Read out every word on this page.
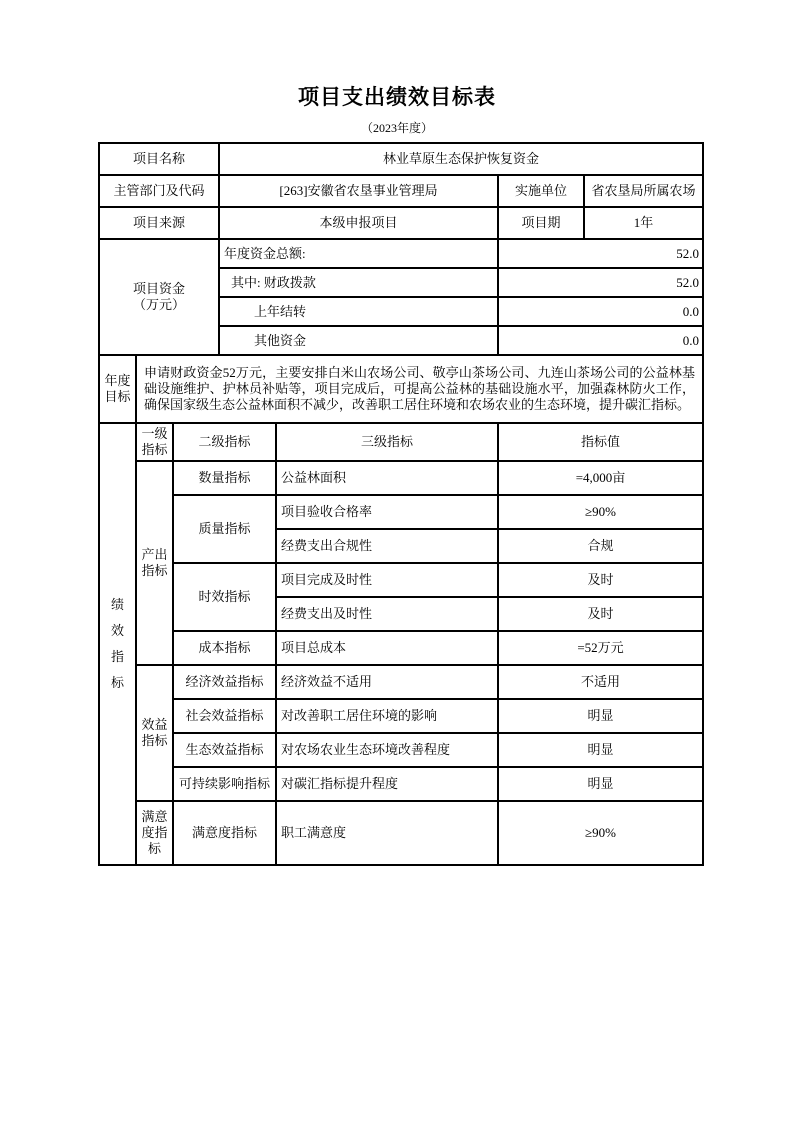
项目支出绩效目标表
（2023年度）
项目名称			林业草原生态保护恢复资金			
主管部门及代码			[263]安徽省农垦事业管理局		实施单位	省农垦局所属农场
项目来源			本级申报项目		项目期	1年

项目资金
（万元）			年度资金总额:		52.0	
			其中: 财政拨款		52.0	
			上年结转		0.0	
			其他资金		0.0	
年度目标	申请财政资金52万元，主要安排白米山农场公司、敬亭山茶场公司、九连山茶场公司的公益林基础设施维护、护林员补贴等，项目完成后，可提高公益林的基础设施水平，加强森林防火工作，确保国家级生态公益林面积不减少，改善职工居住环境和农场农业的生态环境，提升碳汇指标。					
绩效指标	一级指标	二级指标		三级指标	指标值	
	产出指标	数量指标		公益林面积	=4,000亩	
		质量指标		项目验收合格率	≥90%	
				经费支出合规性	合规	
		时效指标		项目完成及时性	及时	
				经费支出及时性	及时	
		成本指标		项目总成本	=52万元	
	效益指标	经济效益指标		经济效益不适用	不适用	
		社会效益指标		对改善职工居住环境的影响	明显	
		生态效益指标		对农场农业生态环境改善程度	明显	
		可持续影响指标		对碳汇指标提升程度	明显	
	满意度指标	满意度指标		职工满意度	≥90%	
